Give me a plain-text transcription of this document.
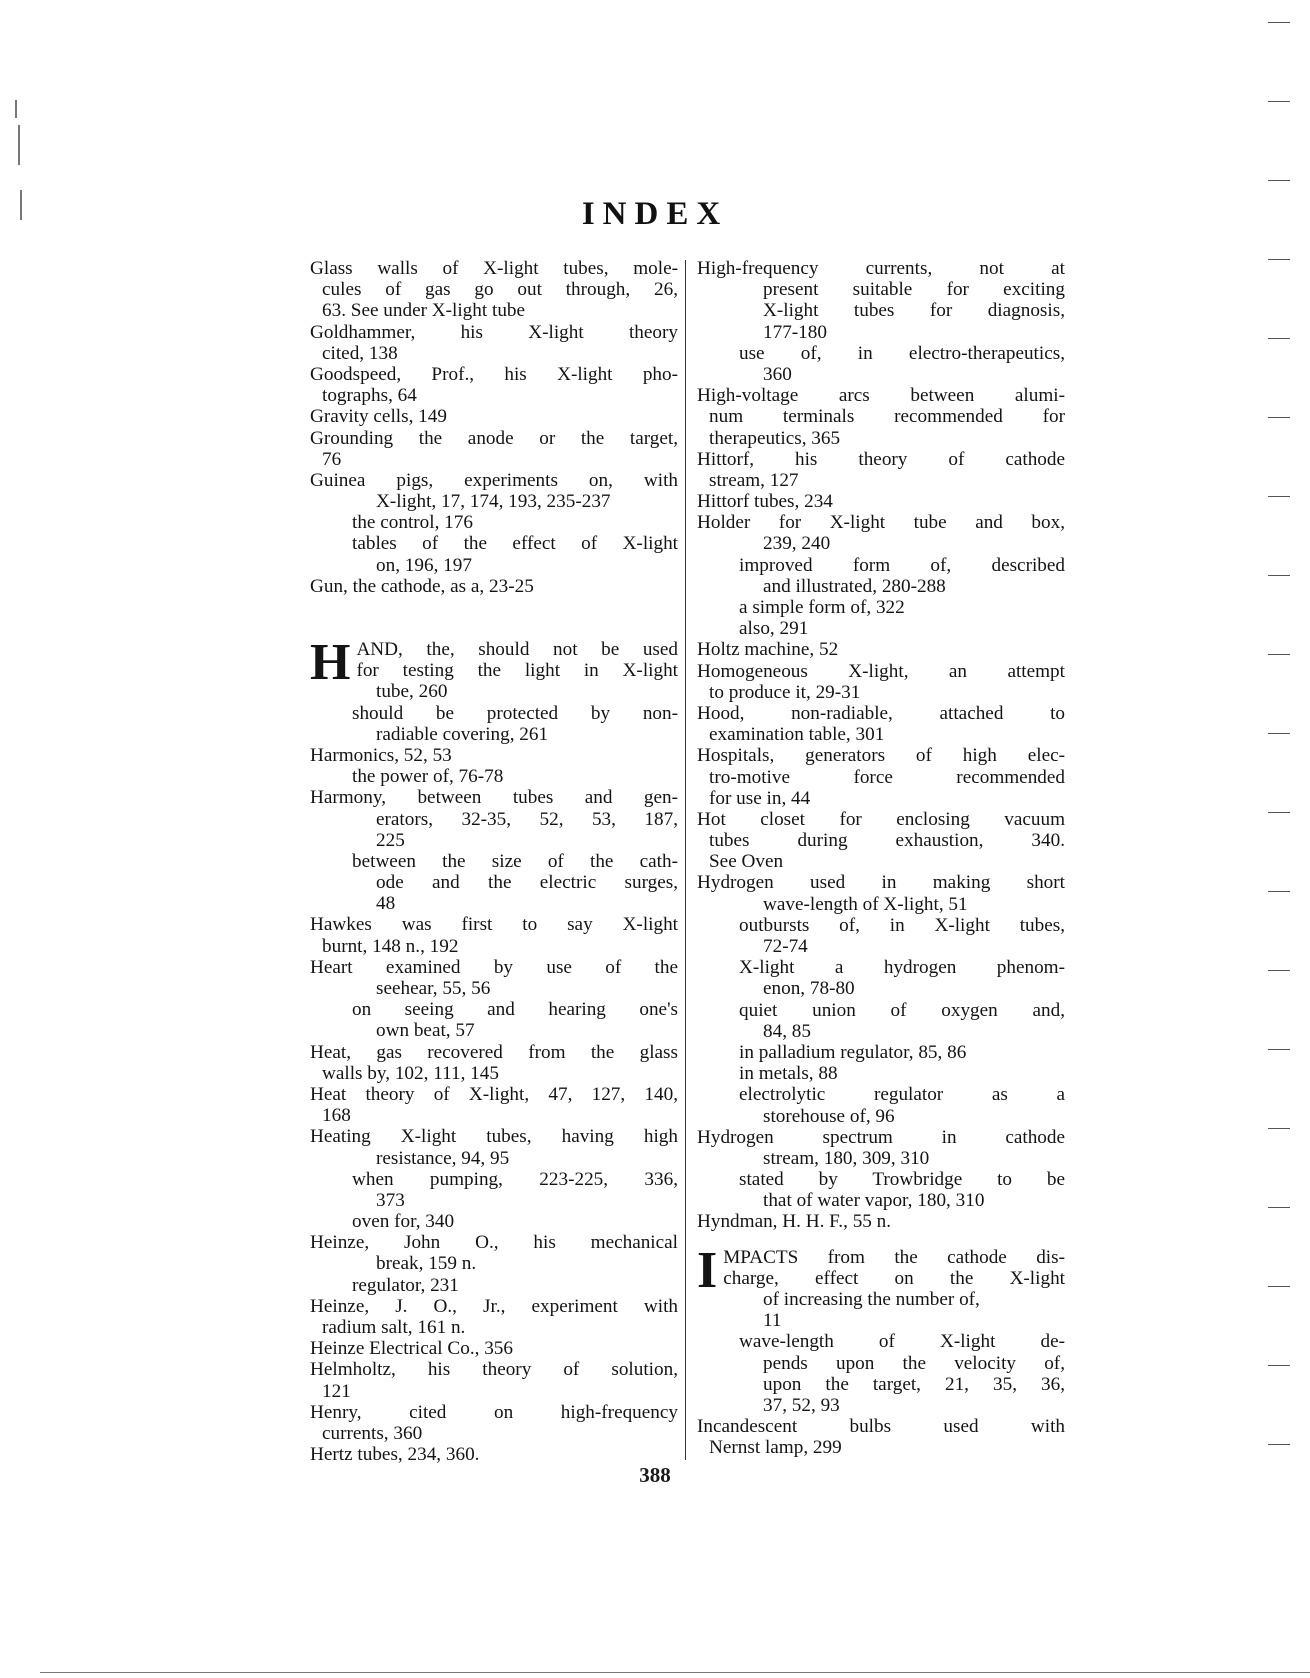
INDEX
Glass walls of X-light tubes, mole-
cules of gas go out through, 26,
63. See under X-light tube
Goldhammer, his X-light theory
cited, 138
Goodspeed, Prof., his X-light pho-
tographs, 64
Gravity cells, 149
Grounding the anode or the target,
76
Guinea pigs, experiments on, with
X-light, 17, 174, 193, 235-237
the control, 176
tables of the effect of X-light
on, 196, 197
Gun, the cathode, as a, 23-25
H AND, the, should not be used
for testing the light in X-light
tube, 260
should be protected by non-
radiable covering, 261
Harmonics, 52, 53
the power of, 76-78
Harmony, between tubes and gen-
erators, 32-35, 52, 53, 187,
225
between the size of the cath-
ode and the electric surges,
48
Hawkes was first to say X-light
burnt, 148 n., 192
Heart examined by use of the
seehear, 55, 56
on seeing and hearing one's
own beat, 57
Heat, gas recovered from the glass
walls by, 102, 111, 145
Heat theory of X-light, 47, 127, 140,
168
Heating X-light tubes, having high
resistance, 94, 95
when pumping, 223-225, 336,
373
oven for, 340
Heinze, John O., his mechanical
break, 159 n.
regulator, 231
Heinze, J. O., Jr., experiment with
radium salt, 161 n.
Heinze Electrical Co., 356
Helmholtz, his theory of solution,
121
Henry, cited on high-frequency
currents, 360
Hertz tubes, 234, 360.
High-frequency currents, not at
present suitable for exciting
X-light tubes for diagnosis,
177-180
use of, in electro-therapeutics,
360
High-voltage arcs between alumi-
num terminals recommended for
therapeutics, 365
Hittorf, his theory of cathode
stream, 127
Hittorf tubes, 234
Holder for X-light tube and box,
239, 240
improved form of, described
and illustrated, 280-288
a simple form of, 322
also, 291
Holtz machine, 52
Homogeneous X-light, an attempt
to produce it, 29-31
Hood, non-radiable, attached to
examination table, 301
Hospitals, generators of high elec-
tro-motive force recommended
for use in, 44
Hot closet for enclosing vacuum
tubes during exhaustion, 340.
See Oven
Hydrogen used in making short
wave-length of X-light, 51
outbursts of, in X-light tubes,
72-74
X-light a hydrogen phenom-
enon, 78-80
quiet union of oxygen and,
84, 85
in palladium regulator, 85, 86
in metals, 88
electrolytic regulator as a
storehouse of, 96
Hydrogen spectrum in cathode
stream, 180, 309, 310
stated by Trowbridge to be
that of water vapor, 180, 310
Hyndman, H. H. F., 55 n.
I MPACTS from the cathode dis-
charge, effect on the X-light
of increasing the number of,
11
wave-length of X-light de-
pends upon the velocity of,
upon the target, 21, 35, 36,
37, 52, 93
Incandescent bulbs used with
Nernst lamp, 299
388
